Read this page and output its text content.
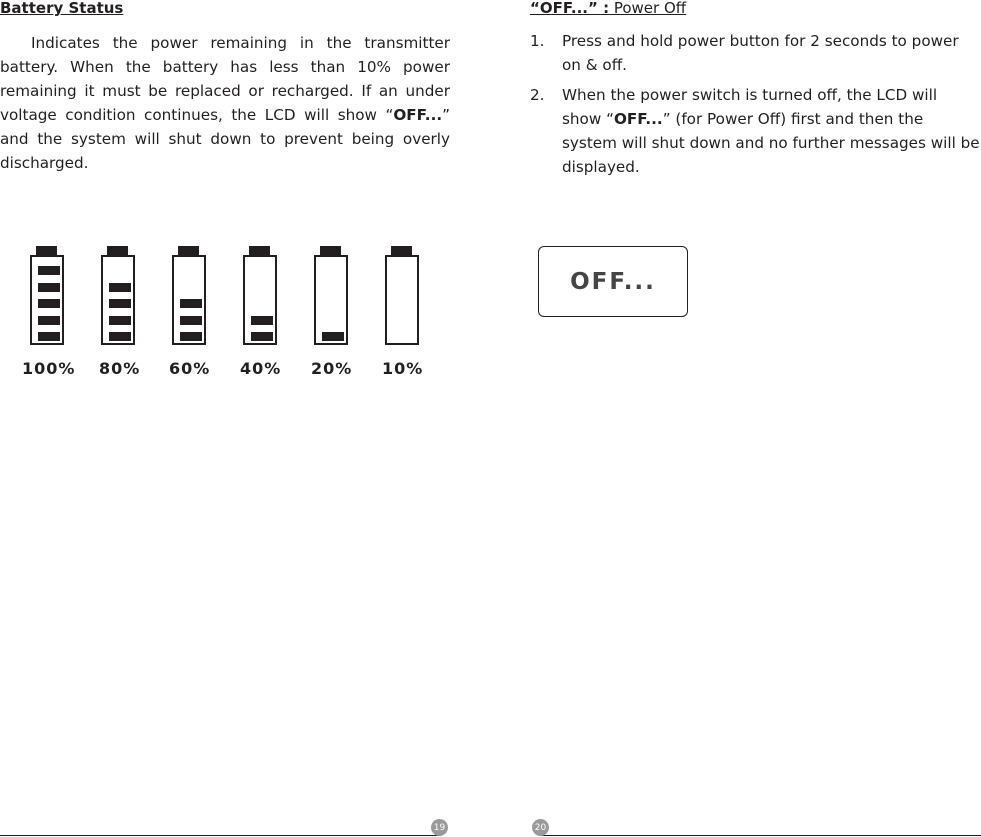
Battery Status

Indicates the power remaining in the transmitter battery. When the battery has less than 10% power remaining it must be replaced or recharged. If an under voltage condition continues, the LCD will show “OFF...” and the system will shut down to prevent being overly discharged.

100% 80% 60% 40% 20% 10%
19

“OFF...” : Power Off

1. Press and hold power button for 2 seconds to power on & off.
2. When the power switch is turned off, the LCD will show “OFF...” (for Power Off) first and then the system will shut down and no further messages will be displayed.
OFF...
20
